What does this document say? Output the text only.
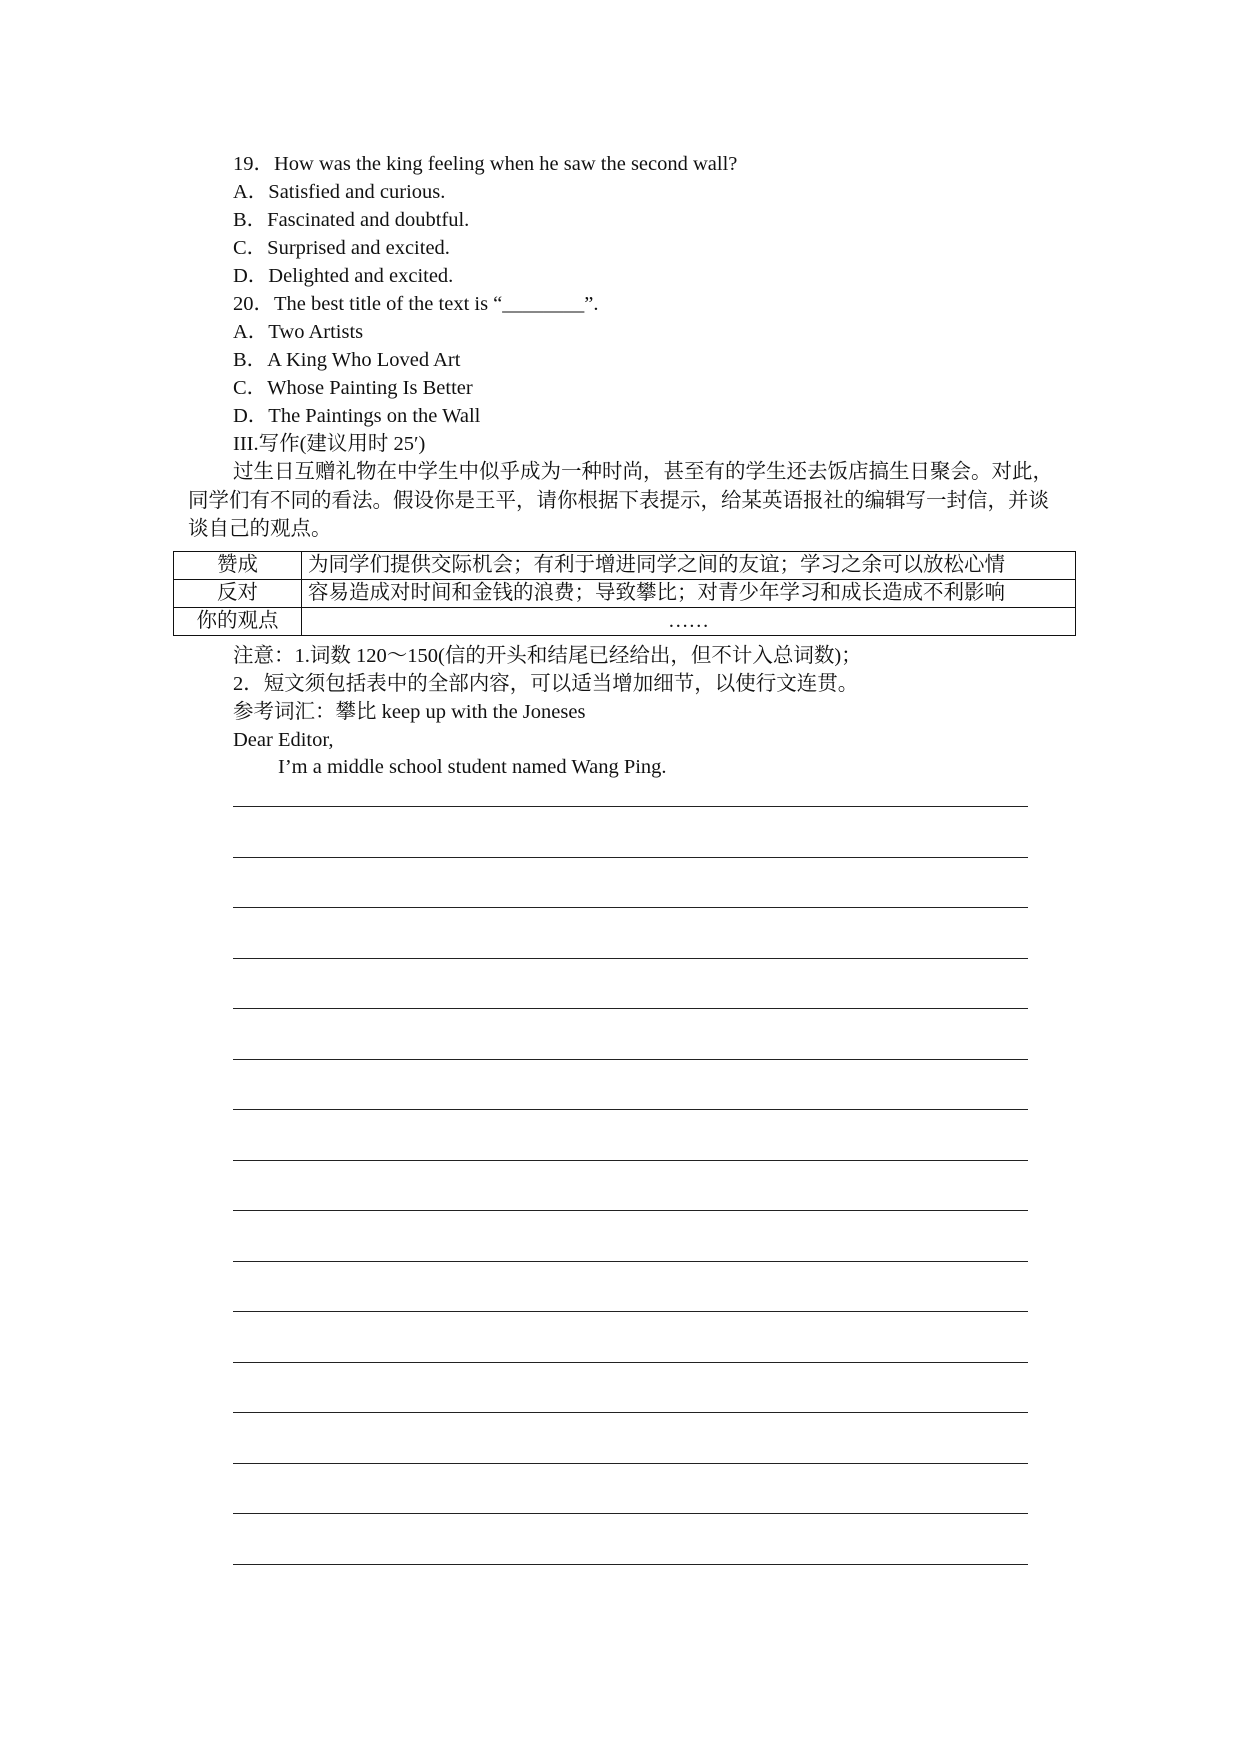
19．How was the king feeling when he saw the second wall?
A．Satisfied and curious.
B．Fascinated and doubtful.
C．Surprised and excited.
D．Delighted and excited.
20．The best title of the text is “________”.
A．Two Artists
B．A King Who Loved Art
C．Whose Painting Is Better
D．The Paintings on the Wall
III.写作(建议用时 25′)
过生日互赠礼物在中学生中似乎成为一种时尚，甚至有的学生还去饭店搞生日聚会。对此，同学们有不同的看法。假设你是王平，请你根据下表提示，给某英语报社的编辑写一封信，并谈谈自己的观点。
赞成	为同学们提供交际机会；有利于增进同学之间的友谊；学习之余可以放松心情
反对	容易造成对时间和金钱的浪费；导致攀比；对青少年学习和成长造成不利影响
你的观点	……
注意：1.词数 120～150(信的开头和结尾已经给出，但不计入总词数)；
2．短文须包括表中的全部内容，可以适当增加细节，以使行文连贯。
参考词汇：攀比 keep up with the Joneses
Dear Editor,
I’m a middle school student named Wang Ping.
